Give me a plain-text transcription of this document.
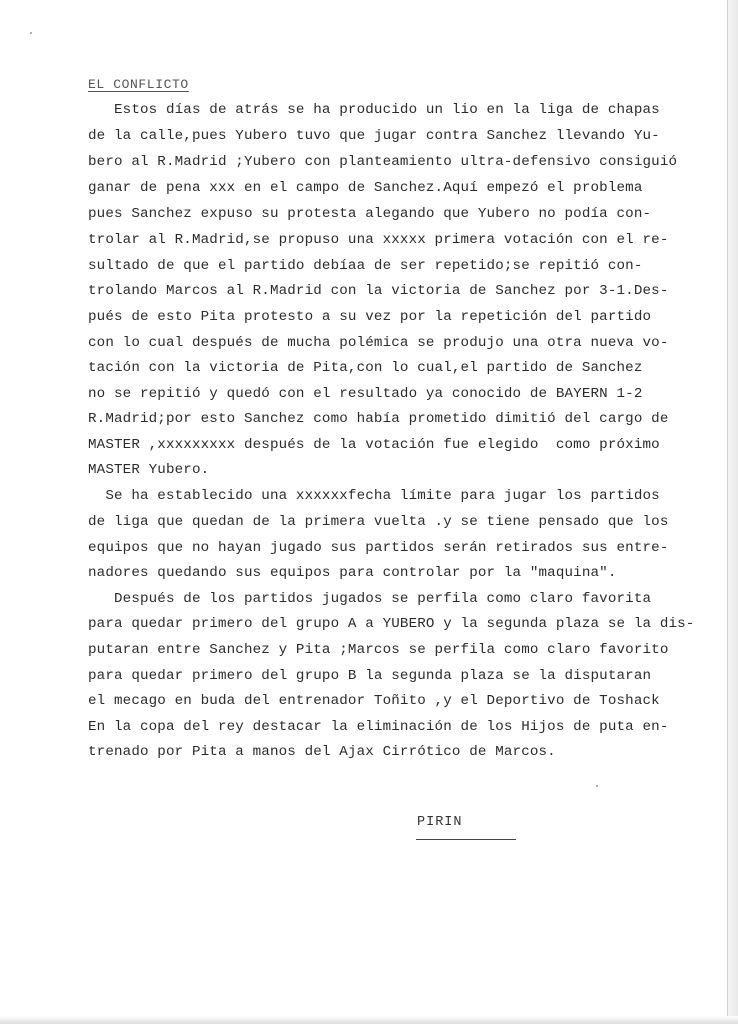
EL CONFLICTO
Estos días de atrás se ha producido un lio en la liga de chapas
de la calle,pues Yubero tuvo que jugar contra Sanchez llevando Yu-
bero al R.Madrid ;Yubero con planteamiento ultra-defensivo consiguió
ganar de pena xxx en el campo de Sanchez.Aquí empezó el problema
pues Sanchez expuso su protesta alegando que Yubero no podía con-
trolar al R.Madrid,se propuso una xxxxx primera votación con el re-
sultado de que el partido debíaa de ser repetido;se repitió con-
trolando Marcos al R.Madrid con la victoria de Sanchez por 3-1.Des-
pués de esto Pita protesto a su vez por la repetición del partido
con lo cual después de mucha polémica se produjo una otra nueva vo-
tación con la victoria de Pita,con lo cual,el partido de Sanchez
no se repitió y quedó con el resultado ya conocido de BAYERN 1-2
R.Madrid;por esto Sanchez como había prometido dimitió del cargo de
MASTER ,xxxxxxxxx después de la votación fue elegido  como próximo
MASTER Yubero.
Se ha establecido una xxxxxxfecha límite para jugar los partidos
de liga que quedan de la primera vuelta .y se tiene pensado que los
equipos que no hayan jugado sus partidos serán retirados sus entre-
nadores quedando sus equipos para controlar por la "maquina".
Después de los partidos jugados se perfila como claro favorita
para quedar primero del grupo A a YUBERO y la segunda plaza se la dis-
putaran entre Sanchez y Pita ;Marcos se perfila como claro favorito
para quedar primero del grupo B la segunda plaza se la disputaran
el mecago en buda del entrenador Toñito ,y el Deportivo de Toshack
En la copa del rey destacar la eliminación de los Hijos de puta en-
trenado por Pita a manos del Ajax Cirrótico de Marcos.
PIRIN
